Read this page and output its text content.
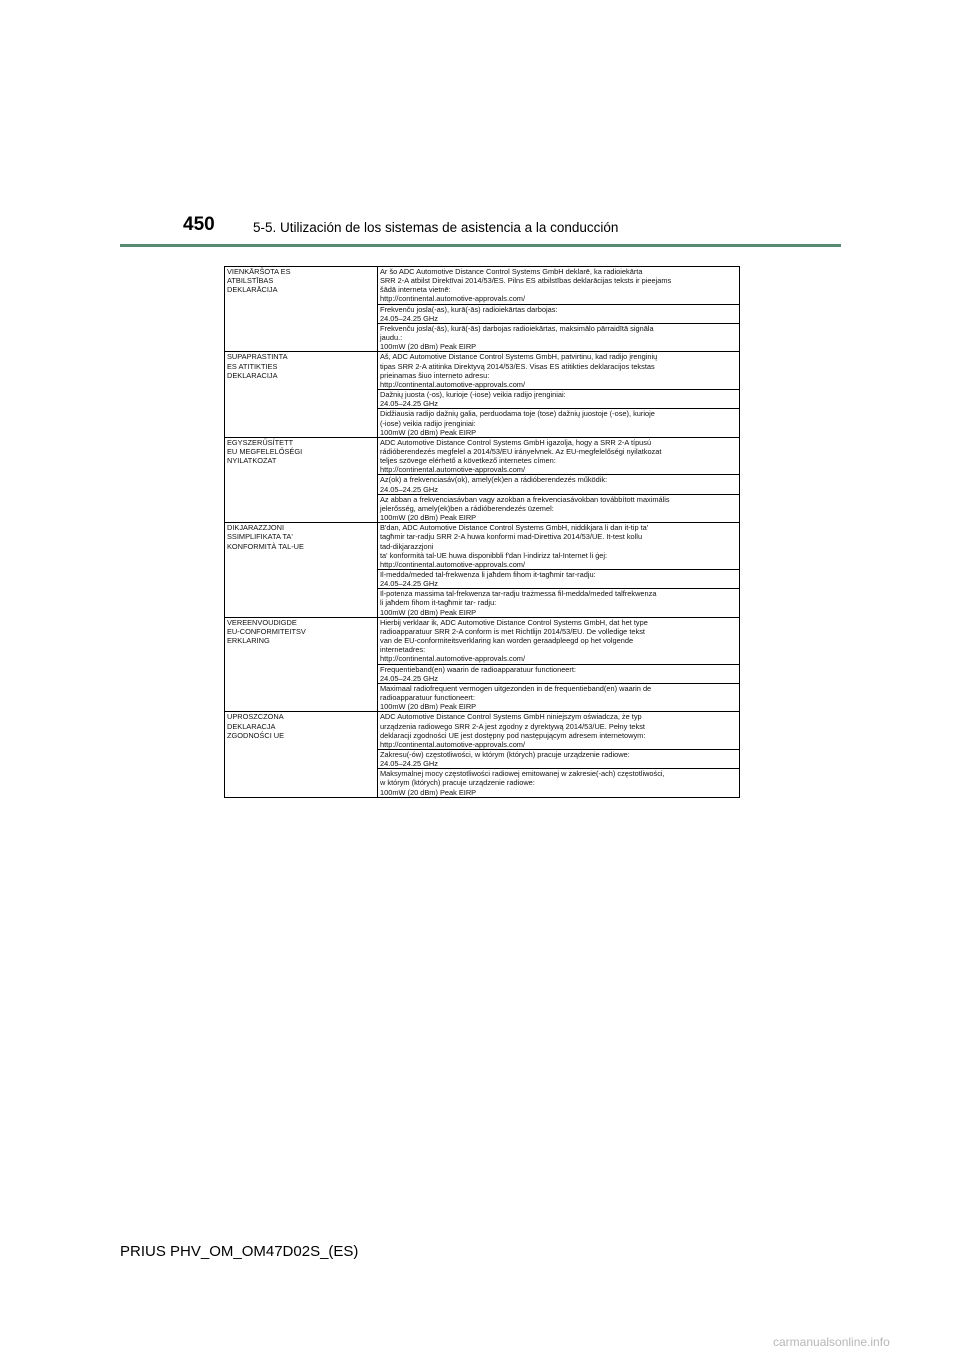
450	5-5. Utilización de los sistemas de asistencia a la conducción
VIENKĀRŠOTA ES
ATBILSTĪBAS
DEKLARĀCIJA
Ar šo ADC Automotive Distance Control Systems GmbH deklarē, ka radioiekārta
SRR 2-A atbilst Direktīvai 2014/53/ES. Pilns ES atbilstības deklarācijas teksts ir pieejams
šādā interneta vietnē:
http://continental.automotive-approvals.com/
Frekvenču josla(-as), kurā(-ās) radioiekārtas darbojas:
24.05–24.25 GHz
Frekvenču josla(-ās), kurā(-ās) darbojas radioiekārtas, maksimālo pārraidītā signāla
jaudu.:
100mW (20 dBm) Peak EIRP
SUPAPRASTINTA
ES ATITIKTIES
DEKLARACIJA
Aš, ADC Automotive Distance Control Systems GmbH, patvirtinu, kad radijo įrenginių
tipas SRR 2-A atitinka Direktyvą 2014/53/ES. Visas ES atitikties deklaracijos tekstas
prieinamas šiuo interneto adresu:
http://continental.automotive-approvals.com/
Dažnių juosta (-os), kurioje (-iose) veikia radijo įrenginiai:
24.05–24.25 GHz
Didžiausia radijo dažnių galia, perduodama toje (tose) dažnių juostoje (-ose), kurioje
(-iose) veikia radijo įrenginiai:
100mW (20 dBm) Peak EIRP
EGYSZERŰSÍTETT
EU MEGFELELŐSÉGI
NYILATKOZAT
ADC Automotive Distance Control Systems GmbH igazolja, hogy a SRR 2-A típusú
rádióberendezés megfelel a 2014/53/EU irányelvnek. Az EU-megfelelőségi nyilatkozat
teljes szövege elérhető a következő internetes címen:
http://continental.automotive-approvals.com/
Az(ok) a frekvenciasáv(ok), amely(ek)en a rádióberendezés működik:
24.05–24.25 GHz
Az abban a frekvenciasávban vagy azokban a frekvenciasávokban továbbított maximális
jelerősség, amely(ek)ben a rádióberendezés üzemel:
100mW (20 dBm) Peak EIRP
DIKJARAZZJONI
SSIMPLIFIKATA TA'
KONFORMITÀ TAL-UE
B'dan, ADC Automotive Distance Control Systems GmbH, niddikjara li dan it-tip ta'
tagħmir tar-radju SRR 2-A huwa konformi mad-Direttiva 2014/53/UE. It-test kollu
tad-dikjarazzjoni
ta' konformità tal-UE huwa disponibbli f'dan l-indirizz tal-Internet li ġej:
http://continental.automotive-approvals.com/
Il-medda/meded tal-frekwenza li jaħdem fihom it-tagħmir tar-radju:
24.05–24.25 GHz
Il-potenza massima tal-frekwenza tar-radju trażmessa fil-medda/meded talfrekwenza
li jaħdem fihom it-tagħmir tar- radju:
100mW (20 dBm) Peak EIRP
VEREENVOUDIGDE
EU-CONFORMITEITSV
ERKLARING
Hierbij verklaar ik, ADC Automotive Distance Control Systems GmbH, dat het type
radioapparatuur SRR 2-A conform is met Richtlijn 2014/53/EU. De volledige tekst
van de EU-conformiteitsverklaring kan worden geraadpleegd op het volgende
internetadres:
http://continental.automotive-approvals.com/
Frequentieband(en) waarin de radioapparatuur functioneert:
24.05–24.25 GHz
Maximaal radiofrequent vermogen uitgezonden in de frequentieband(en) waarin de
radioapparatuur functioneert:
100mW (20 dBm) Peak EIRP
UPROSZCZONA
DEKLARACJA
ZGODNOŚCI UE
ADC Automotive Distance Control Systems GmbH niniejszym oświadcza, że typ
urządzenia radiowego SRR 2-A jest zgodny z dyrektywą 2014/53/UE. Pełny tekst
deklaracji zgodności UE jest dostępny pod następującym adresem internetowym:
http://continental.automotive-approvals.com/
Zakresu(-ów) częstotliwości, w którym (których) pracuje urządzenie radiowe:
24.05–24.25 GHz
Maksymalnej mocy częstotliwości radiowej emitowanej w zakresie(-ach) częstotliwości,
w którym (których) pracuje urządzenie radiowe:
100mW (20 dBm) Peak EIRP
PRIUS PHV_OM_OM47D02S_(ES)
carmanualsonline.info
